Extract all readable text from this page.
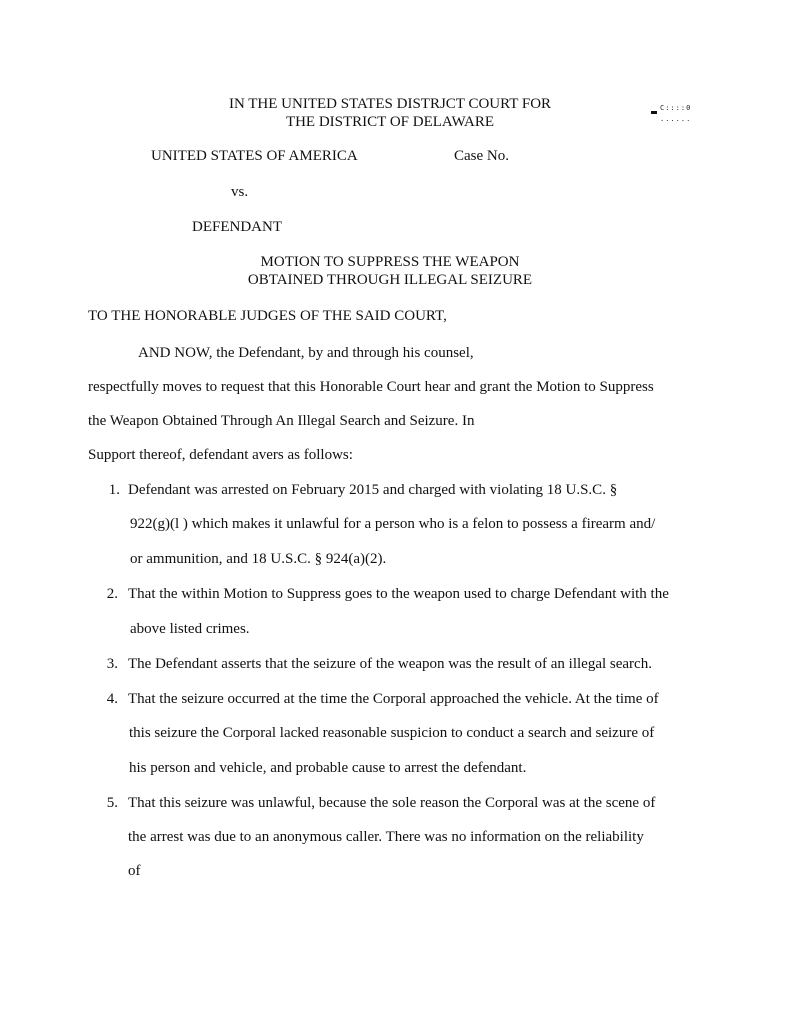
IN THE UNITED STATES DISTRJCT COURT FOR
THE DISTRICT OF DELAWARE
C::::0
......
UNITED STATES OF AMERICA	Case No.
vs.
DEFENDANT
MOTION TO SUPPRESS THE WEAPON
OBTAINED THROUGH ILLEGAL SEIZURE
TO THE HONORABLE JUDGES OF THE SAID COURT,
AND NOW, the Defendant, by and through his counsel,
respectfully moves to request that this Honorable Court hear and grant the Motion to Suppress
the Weapon Obtained Through An Illegal Search and Seizure. In
Support thereof, defendant avers as follows:
1. Defendant was arrested on February 2015 and charged with violating 18 U.S.C. §
922(g)(l ) which makes it unlawful for a person who is a felon to possess a firearm and/
or ammunition, and 18 U.S.C. § 924(a)(2).
2. That the within Motion to Suppress goes to the weapon used to charge Defendant with the
above listed crimes.
3. The Defendant asserts that the seizure of the weapon was the result of an illegal search.
4. That the seizure occurred at the time the Corporal approached the vehicle. At the time of
this seizure the Corporal lacked reasonable suspicion to conduct a search and seizure of
his person and vehicle, and probable cause to arrest the defendant.
5. That this seizure was unlawful, because the sole reason the Corporal was at the scene of
the arrest was due to an anonymous caller. There was no information on the reliability
of
